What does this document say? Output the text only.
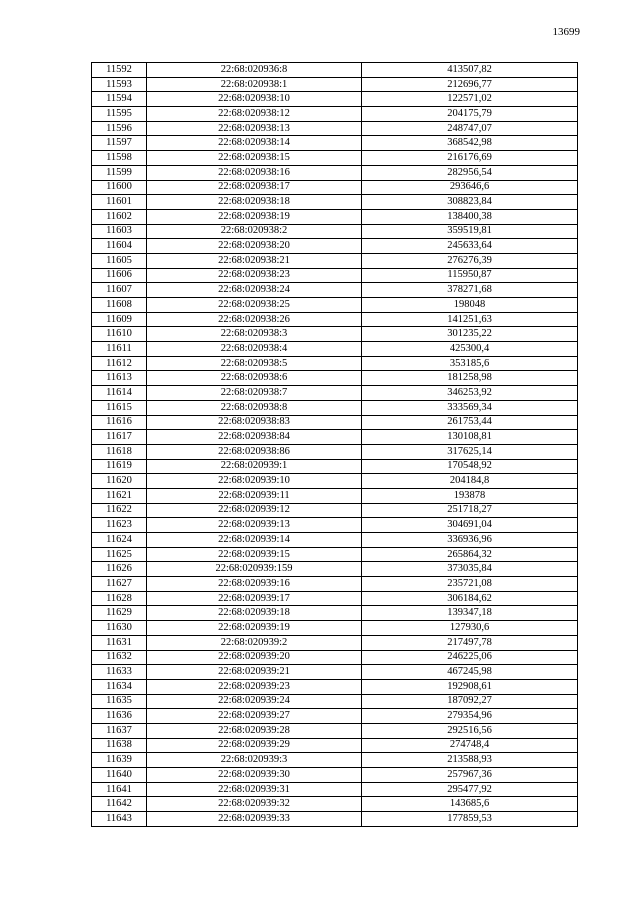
13699
11592	22:68:020936:8	413507,82
11593	22:68:020938:1	212696,77
11594	22:68:020938:10	122571,02
11595	22:68:020938:12	204175,79
11596	22:68:020938:13	248747,07
11597	22:68:020938:14	368542,98
11598	22:68:020938:15	216176,69
11599	22:68:020938:16	282956,54
11600	22:68:020938:17	293646,6
11601	22:68:020938:18	308823,84
11602	22:68:020938:19	138400,38
11603	22:68:020938:2	359519,81
11604	22:68:020938:20	245633,64
11605	22:68:020938:21	276276,39
11606	22:68:020938:23	115950,87
11607	22:68:020938:24	378271,68
11608	22:68:020938:25	198048
11609	22:68:020938:26	141251,63
11610	22:68:020938:3	301235,22
11611	22:68:020938:4	425300,4
11612	22:68:020938:5	353185,6
11613	22:68:020938:6	181258,98
11614	22:68:020938:7	346253,92
11615	22:68:020938:8	333569,34
11616	22:68:020938:83	261753,44
11617	22:68:020938:84	130108,81
11618	22:68:020938:86	317625,14
11619	22:68:020939:1	170548,92
11620	22:68:020939:10	204184,8
11621	22:68:020939:11	193878
11622	22:68:020939:12	251718,27
11623	22:68:020939:13	304691,04
11624	22:68:020939:14	336936,96
11625	22:68:020939:15	265864,32
11626	22:68:020939:159	373035,84
11627	22:68:020939:16	235721,08
11628	22:68:020939:17	306184,62
11629	22:68:020939:18	139347,18
11630	22:68:020939:19	127930,6
11631	22:68:020939:2	217497,78
11632	22:68:020939:20	246225,06
11633	22:68:020939:21	467245,98
11634	22:68:020939:23	192908,61
11635	22:68:020939:24	187092,27
11636	22:68:020939:27	279354,96
11637	22:68:020939:28	292516,56
11638	22:68:020939:29	274748,4
11639	22:68:020939:3	213588,93
11640	22:68:020939:30	257967,36
11641	22:68:020939:31	295477,92
11642	22:68:020939:32	143685,6
11643	22:68:020939:33	177859,53
